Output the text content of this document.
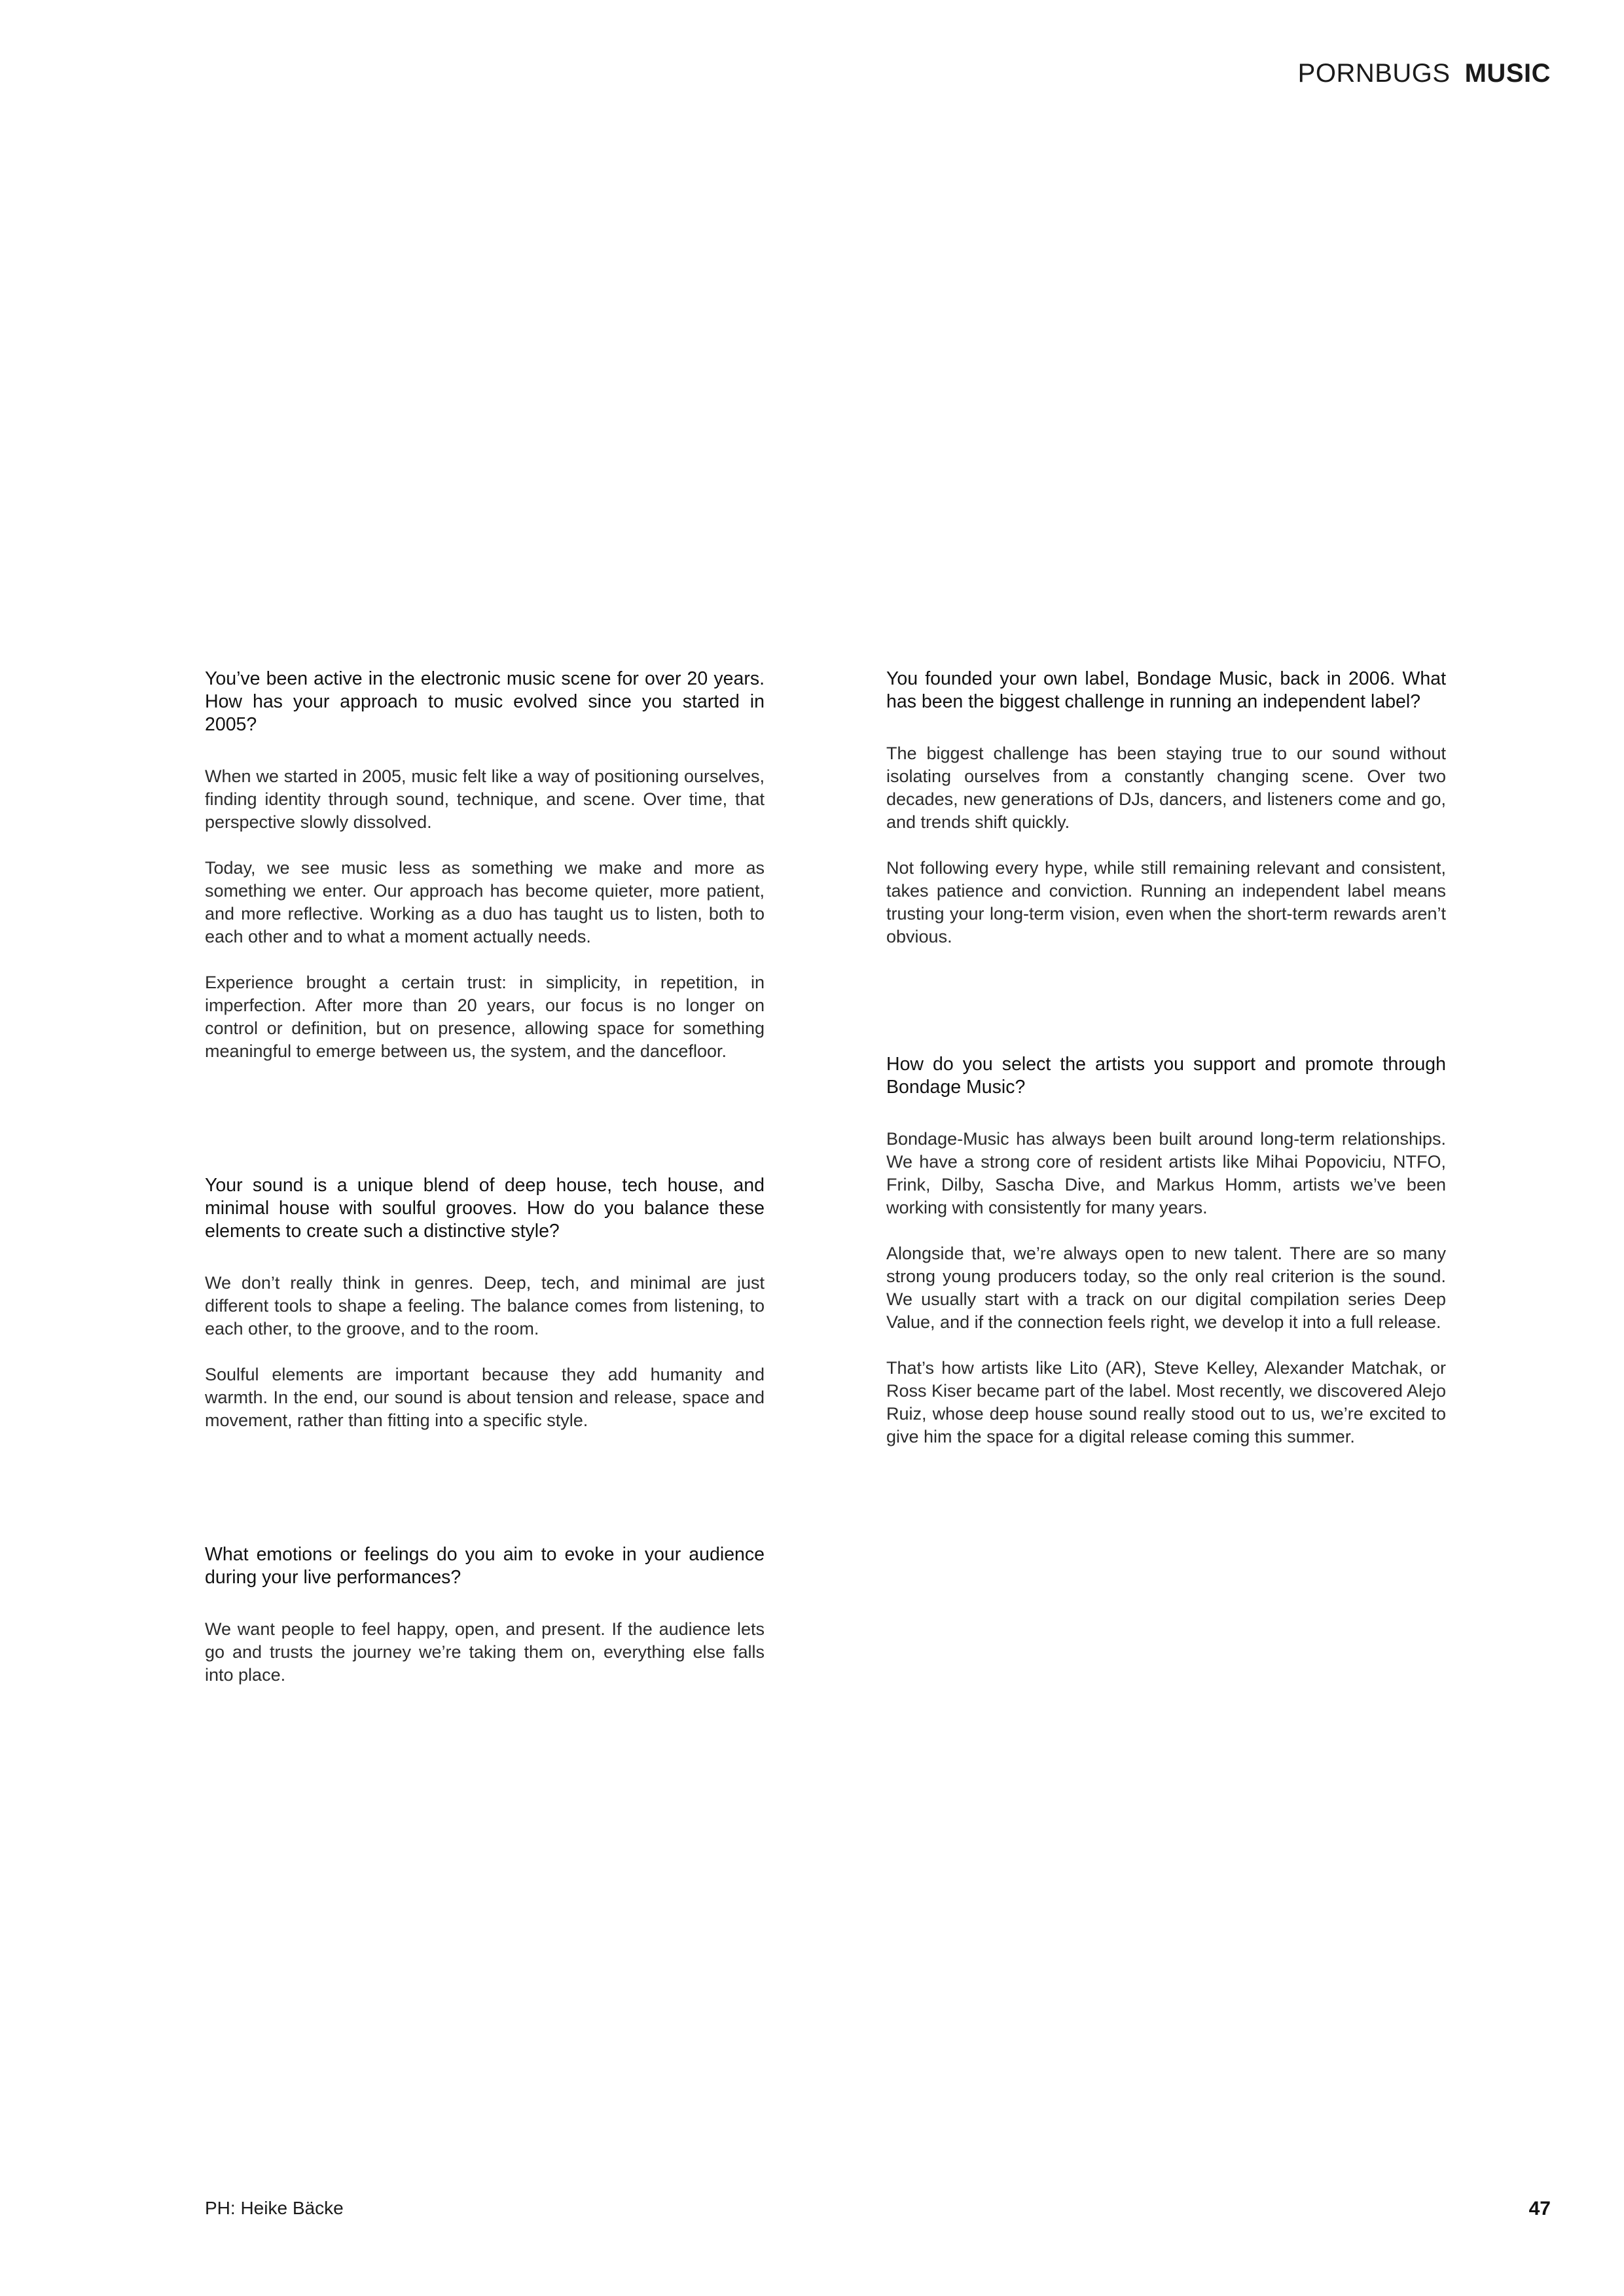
PORNBUGS MUSIC

You’ve been active in the electronic music scene for over 20 years. How has your approach to music evolved since you started in 2005?

When we started in 2005, music felt like a way of positioning ourselves, finding identity through sound, technique, and scene. Over time, that perspective slowly dissolved.

Today, we see music less as something we make and more as something we enter. Our approach has become quieter, more patient, and more reflective. Working as a duo has taught us to listen, both to each other and to what a moment actually needs.

Experience brought a certain trust: in simplicity, in repetition, in imperfection. After more than 20 years, our focus is no longer on control or definition, but on presence, allowing space for something meaningful to emerge between us, the system, and the dancefloor.

Your sound is a unique blend of deep house, tech house, and minimal house with soulful grooves. How do you balance these elements to create such a distinctive style?

We don’t really think in genres. Deep, tech, and minimal are just different tools to shape a feeling. The balance comes from listening, to each other, to the groove, and to the room.

Soulful elements are important because they add humanity and warmth. In the end, our sound is about tension and release, space and movement, rather than fitting into a specific style.

What emotions or feelings do you aim to evoke in your audience during your live performances?

We want people to feel happy, open, and present. If the audience lets go and trusts the journey we’re taking them on, everything else falls into place.

You founded your own label, Bondage Music, back in 2006. What has been the biggest challenge in running an independent label?

The biggest challenge has been staying true to our sound without isolating ourselves from a constantly changing scene. Over two decades, new generations of DJs, dancers, and listeners come and go, and trends shift quickly.

Not following every hype, while still remaining relevant and consistent, takes patience and conviction. Running an independent label means trusting your long-term vision, even when the short-term rewards aren’t obvious.

How do you select the artists you support and promote through Bondage Music?

Bondage-Music has always been built around long-term relationships. We have a strong core of resident artists like Mihai Popoviciu, NTFO, Frink, Dilby, Sascha Dive, and Markus Homm, artists we’ve been working with consistently for many years.

Alongside that, we’re always open to new talent. There are so many strong young producers today, so the only real criterion is the sound. We usually start with a track on our digital compilation series Deep Value, and if the connection feels right, we develop it into a full release.

That’s how artists like Lito (AR), Steve Kelley, Alexander Matchak, or Ross Kiser became part of the label. Most recently, we discovered Alejo Ruiz, whose deep house sound really stood out to us, we’re excited to give him the space for a digital release coming this summer.

PH: Heike Bäcke	47
